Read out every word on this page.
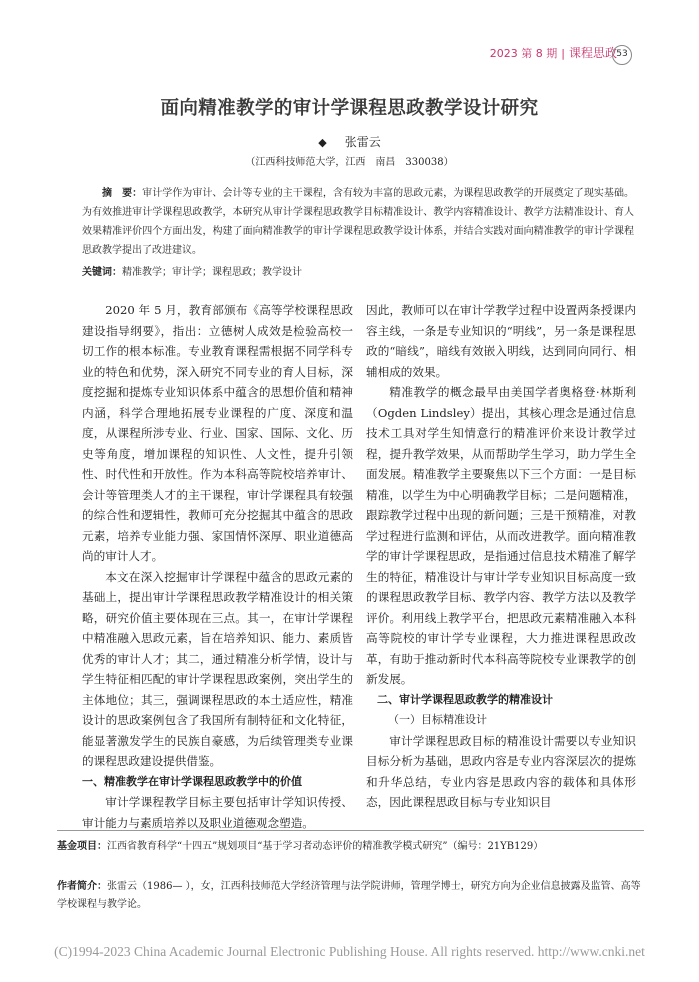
2023 第 8 期 | 课程思政 53
面向精准教学的审计学课程思政教学设计研究
◆ 张雷云
（江西科技师范大学，江西　南昌　330038）
摘　要：审计学作为审计、会计等专业的主干课程，含有较为丰富的思政元素，为课程思政教学的开展奠定了现实基础。为有效推进审计学课程思政教学，本研究从审计学课程思政教学目标精准设计、教学内容精准设计、教学方法精准设计、育人效果精准评价四个方面出发，构建了面向精准教学的审计学课程思政教学设计体系，并结合实践对面向精准教学的审计学课程思政教学提出了改进建议。
关键词：精准教学；审计学；课程思政；教学设计

2020 年 5 月，教育部颁布《高等学校课程思政建设指导纲要》，指出：立德树人成效是检验高校一切工作的根本标准。专业教育课程需根据不同学科专业的特色和优势，深入研究不同专业的育人目标，深度挖掘和提炼专业知识体系中蕴含的思想价值和精神内涵，科学合理地拓展专业课程的广度、深度和温度，从课程所涉专业、行业、国家、国际、文化、历史等角度，增加课程的知识性、人文性，提升引领性、时代性和开放性。作为本科高等院校培养审计、会计等管理类人才的主干课程，审计学课程具有较强的综合性和逻辑性，教师可充分挖掘其中蕴含的思政元素，培养专业能力强、家国情怀深厚、职业道德高尚的审计人才。

本文在深入挖掘审计学课程中蕴含的思政元素的基础上，提出审计学课程思政教学精准设计的相关策略，研究价值主要体现在三点。其一，在审计学课程中精准融入思政元素，旨在培养知识、能力、素质皆优秀的审计人才；其二，通过精准分析学情，设计与学生特征相匹配的审计学课程思政案例，突出学生的主体地位；其三，强调课程思政的本土适应性，精准设计的思政案例包含了我国所有制特征和文化特征，能显著激发学生的民族自豪感，为后续管理类专业课的课程思政建设提供借鉴。

一、精准教学在审计学课程思政教学中的价值

审计学课程教学目标主要包括审计学知识传授、审计能力与素质培养以及职业道德观念塑造。

因此，教师可以在审计学教学过程中设置两条授课内容主线，一条是专业知识的“明线”，另一条是课程思政的“暗线”，暗线有效嵌入明线，达到同向同行、相辅相成的效果。

精准教学的概念最早由美国学者奥格登·林斯利（Ogden Lindsley）提出，其核心理念是通过信息技术工具对学生知情意行的精准评价来设计教学过程，提升教学效果，从而帮助学生学习，助力学生全面发展。精准教学主要聚焦以下三个方面：一是目标精准，以学生为中心明确教学目标；二是问题精准，跟踪教学过程中出现的新问题；三是干预精准，对教学过程进行监测和评估，从而改进教学。面向精准教学的审计学课程思政，是指通过信息技术精准了解学生的特征，精准设计与审计学专业知识目标高度一致的课程思政教学目标、教学内容、教学方法以及教学评价。利用线上教学平台，把思政元素精准融入本科高等院校的审计学专业课程，大力推进课程思政改革，有助于推动新时代本科高等院校专业课教学的创新发展。

二、审计学课程思政教学的精准设计

（一）目标精准设计

审计学课程思政目标的精准设计需要以专业知识目标分析为基础，思政内容是专业内容深层次的提炼和升华总结，专业内容是思政内容的载体和具体形态，因此课程思政目标与专业知识目

基金项目：江西省教育科学“十四五”规划项目“基于学习者动态评价的精准教学模式研究”（编号：21YB129）
作者简介：张雷云（1986— ），女，江西科技师范大学经济管理与法学院讲师，管理学博士，研究方向为企业信息披露及监管、高等学校课程与教学论。
(C)1994-2023 China Academic Journal Electronic Publishing House. All rights reserved. http://www.cnki.net
